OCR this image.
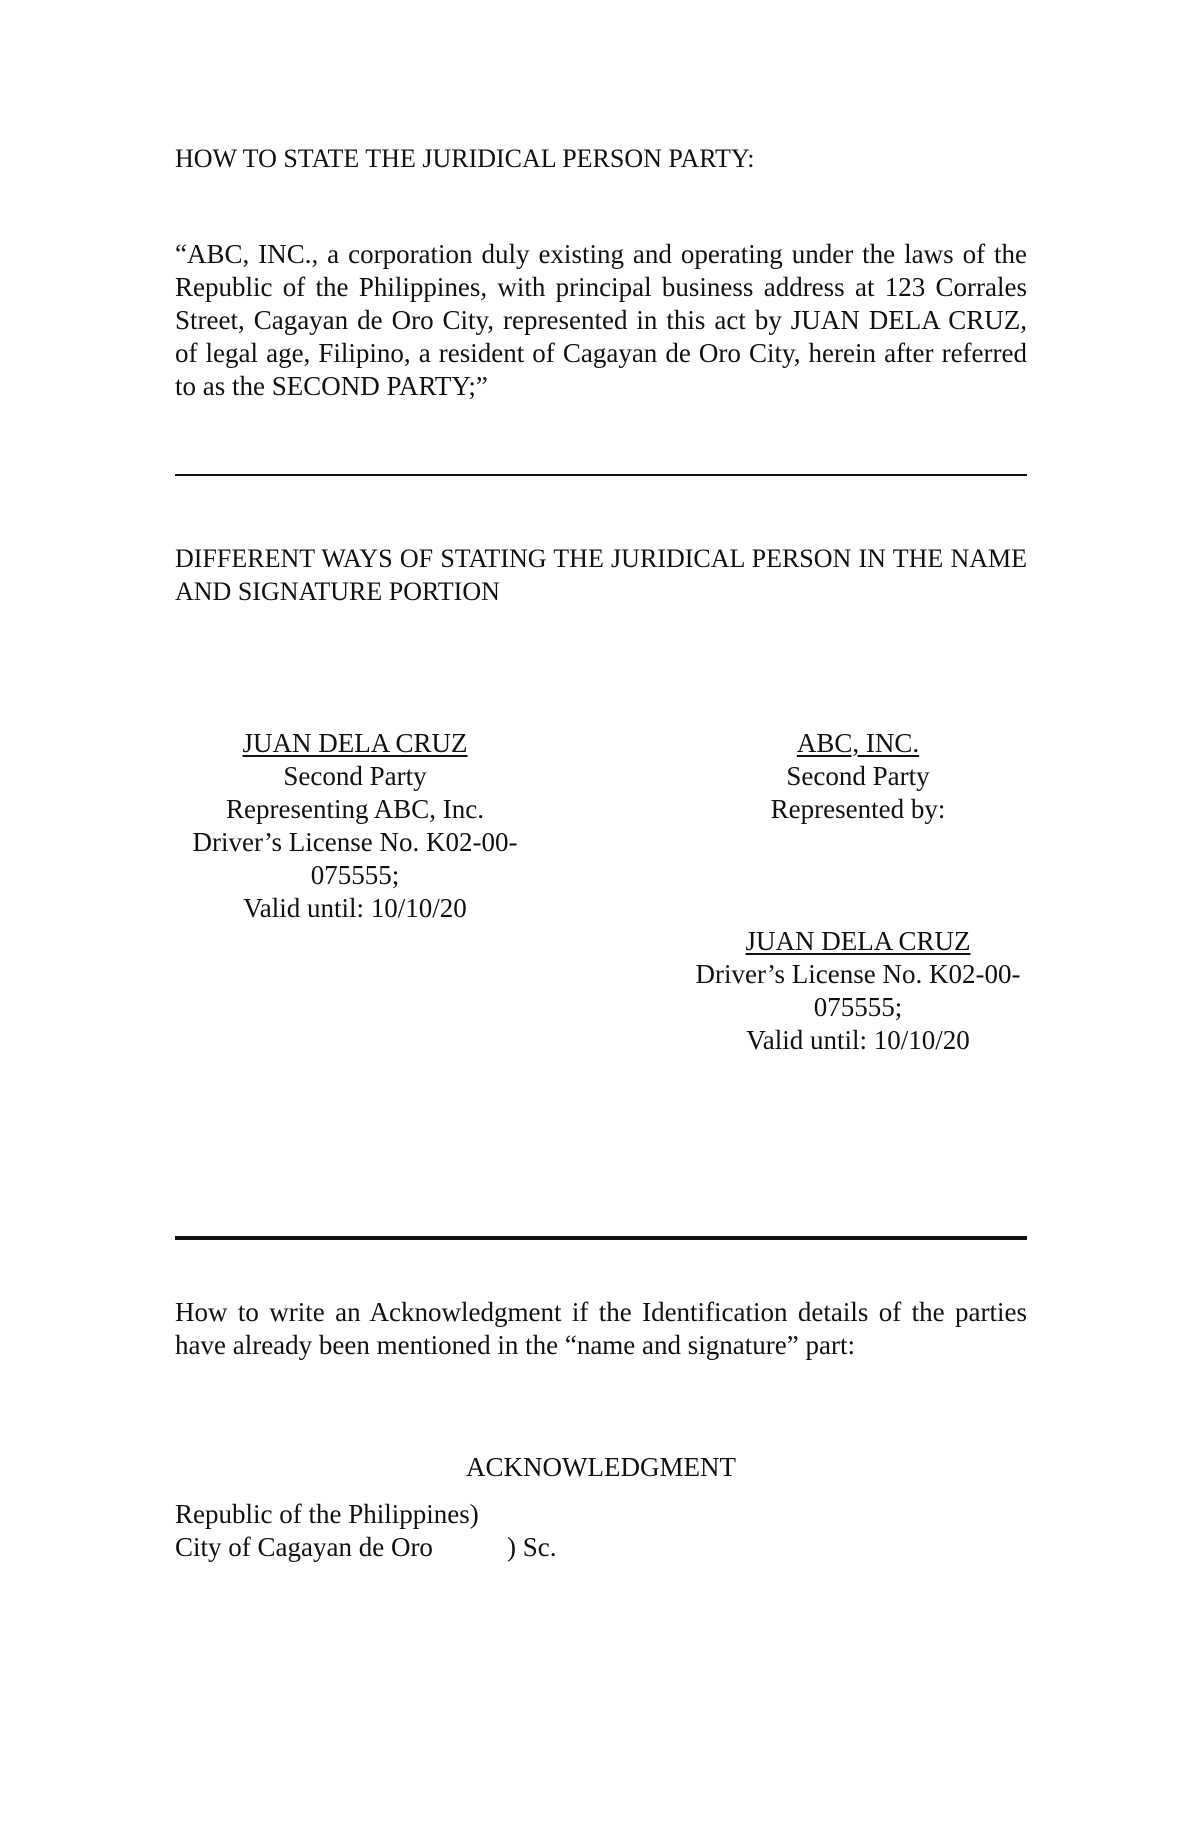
HOW TO STATE THE JURIDICAL PERSON PARTY:
“ABC, INC., a corporation duly existing and operating under the laws of the Republic of the Philippines, with principal business address at 123 Corrales Street, Cagayan de Oro City, represented in this act by JUAN DELA CRUZ, of legal age, Filipino, a resident of Cagayan de Oro City, herein after referred to as the SECOND PARTY;”
DIFFERENT WAYS OF STATING THE JURIDICAL PERSON IN THE NAME AND SIGNATURE PORTION
JUAN DELA CRUZ
Second Party
Representing ABC, Inc.
Driver’s License No. K02-00-
075555;
Valid until: 10/10/20
ABC, INC.
Second Party
Represented by:
JUAN DELA CRUZ
Driver’s License No. K02-00-
075555;
Valid until: 10/10/20
How to write an Acknowledgment if the Identification details of the parties have already been mentioned in the “name and signature” part:
ACKNOWLEDGMENT
Republic of the Philippines)
City of Cagayan de Oro	) Sc.
